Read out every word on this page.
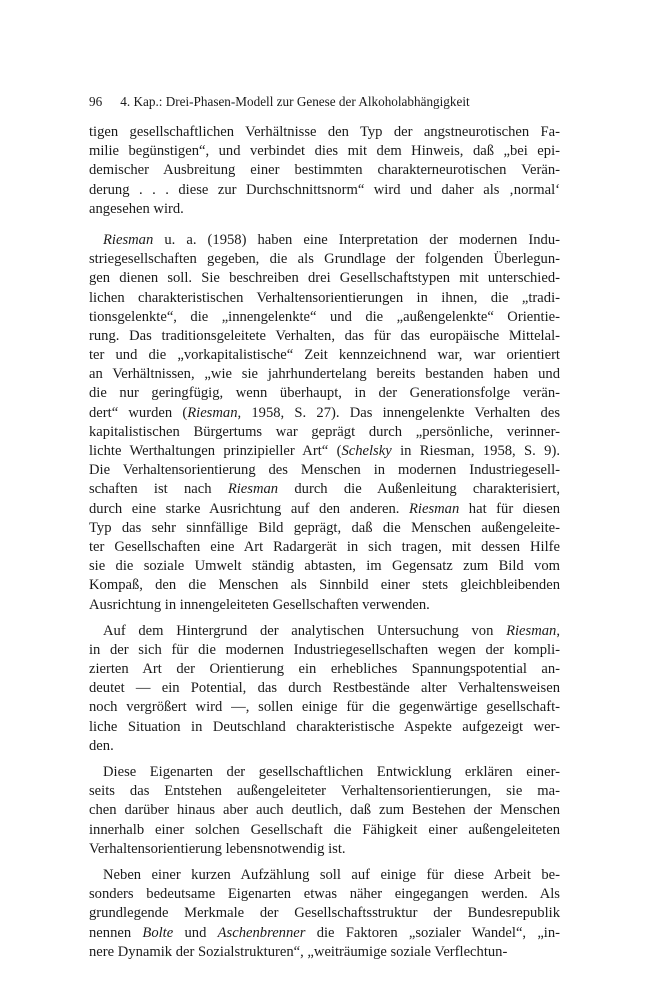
96 4. Kap.: Drei-Phasen-Modell zur Genese der Alkoholabhängigkeit
tigen gesellschaftlichen Verhältnisse den Typ der angstneurotischen Fa-
milie begünstigen“, und verbindet dies mit dem Hinweis, daß „bei epi-
demischer Ausbreitung einer bestimmten charakterneurotischen Verän-
derung . . . diese zur Durchschnittsnorm“ wird und daher als ‚normal‘
angesehen wird.
Riesman u. a. (1958) haben eine Interpretation der modernen Indu-
striegesellschaften gegeben, die als Grundlage der folgenden Überlegun-
gen dienen soll. Sie beschreiben drei Gesellschaftstypen mit unterschied-
lichen charakteristischen Verhaltensorientierungen in ihnen, die „tradi-
tionsgelenkte“, die „innengelenkte“ und die „außengelenkte“ Orientie-
rung. Das traditionsgeleitete Verhalten, das für das europäische Mittelal-
ter und die „vorkapitalistische“ Zeit kennzeichnend war, war orientiert
an Verhältnissen, „wie sie jahrhundertelang bereits bestanden haben und
die nur geringfügig, wenn überhaupt, in der Generationsfolge verän-
dert“ wurden (Riesman, 1958, S. 27). Das innengelenkte Verhalten des
kapitalistischen Bürgertums war geprägt durch „persönliche, verinner-
lichte Werthaltungen prinzipieller Art“ (Schelsky in Riesman, 1958, S. 9).
Die Verhaltensorientierung des Menschen in modernen Industriegesell-
schaften ist nach Riesman durch die Außenleitung charakterisiert,
durch eine starke Ausrichtung auf den anderen. Riesman hat für diesen
Typ das sehr sinnfällige Bild geprägt, daß die Menschen außengeleite-
ter Gesellschaften eine Art Radargerät in sich tragen, mit dessen Hilfe
sie die soziale Umwelt ständig abtasten, im Gegensatz zum Bild vom
Kompaß, den die Menschen als Sinnbild einer stets gleichbleibenden
Ausrichtung in innengeleiteten Gesellschaften verwenden.
Auf dem Hintergrund der analytischen Untersuchung von Riesman,
in der sich für die modernen Industriegesellschaften wegen der kompli-
zierten Art der Orientierung ein erhebliches Spannungspotential an-
deutet — ein Potential, das durch Restbestände alter Verhaltensweisen
noch vergrößert wird —, sollen einige für die gegenwärtige gesellschaft-
liche Situation in Deutschland charakteristische Aspekte aufgezeigt wer-
den.
Diese Eigenarten der gesellschaftlichen Entwicklung erklären einer-
seits das Entstehen außengeleiteter Verhaltensorientierungen, sie ma-
chen darüber hinaus aber auch deutlich, daß zum Bestehen der Menschen
innerhalb einer solchen Gesellschaft die Fähigkeit einer außengeleiteten
Verhaltensorientierung lebensnotwendig ist.
Neben einer kurzen Aufzählung soll auf einige für diese Arbeit be-
sonders bedeutsame Eigenarten etwas näher eingegangen werden. Als
grundlegende Merkmale der Gesellschaftsstruktur der Bundesrepublik
nennen Bolte und Aschenbrenner die Faktoren „sozialer Wandel“, „in-
nere Dynamik der Sozialstrukturen“, „weiträumige soziale Verflechtun-
